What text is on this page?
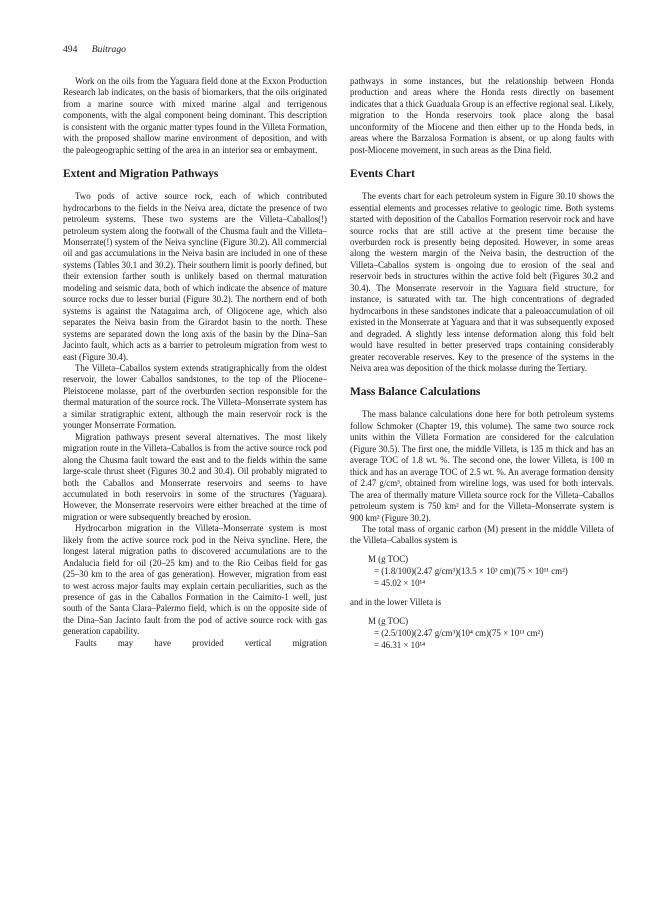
494 Buitrago

Work on the oils from the Yaguara field done at the Exxon Production Research lab indicates, on the basis of biomarkers, that the oils originated from a marine source with mixed marine algal and terrigenous components, with the algal component being dominant. This description is consistent with the organic matter types found in the Villeta Formation, with the proposed shallow marine environment of deposition, and with the paleogeographic setting of the area in an interior sea or embayment.

Extent and Migration Pathways

Two pods of active source rock, each of which contributed hydrocarbons to the fields in the Neiva area, dictate the presence of two petroleum systems. These two systems are the Villeta–Caballos(!) petroleum system along the footwall of the Chusma fault and the Villeta–Monserrate(!) system of the Neiva syncline (Figure 30.2). All commercial oil and gas accumulations in the Neiva basin are included in one of these systems (Tables 30.1 and 30.2). Their southern limit is poorly defined, but their extension farther south is unlikely based on thermal maturation modeling and seismic data, both of which indicate the absence of mature source rocks due to lesser burial (Figure 30.2). The northern end of both systems is against the Natagaima arch, of Oligocene age, which also separates the Neiva basin from the Girardot basin to the north. These systems are separated down the long axis of the basin by the Dina–San Jacinto fault, which acts as a barrier to petroleum migration from west to east (Figure 30.4).

The Villeta–Caballos system extends stratigraphically from the oldest reservoir, the lower Caballos sandstones, to the top of the Pliocene–Pleistocene molasse, part of the overburden section responsible for the thermal maturation of the source rock. The Villeta–Monserrate system has a similar stratigraphic extent, although the main reservoir rock is the younger Monserrate Formation.

Migration pathways present several alternatives. The most likely migration route in the Villeta–Caballos is from the active source rock pod along the Chusma fault toward the east and to the fields within the same large-scale thrust sheet (Figures 30.2 and 30.4). Oil probably migrated to both the Caballos and Monserrate reservoirs and seems to have accumulated in both reservoirs in some of the structures (Yaguara). However, the Monserrate reservoirs were either breached at the time of migration or were subsequently breached by erosion.

Hydrocarbon migration in the Villeta–Monserrate system is most likely from the active source rock pod in the Neiva syncline. Here, the longest lateral migration paths to discovered accumulations are to the Andalucia field for oil (20–25 km) and to the Rio Ceibas field for gas (25–30 km to the area of gas generation). However, migration from east to west across major faults may explain certain peculiarities, such as the presence of gas in the Caballos Formation in the Caimito-1 well, just south of the Santa Clara–Palermo field, which is on the opposite side of the Dina–San Jacinto fault from the pod of active source rock with gas generation capability.

Faults may have provided vertical migration

pathways in some instances, but the relationship between Honda production and areas where the Honda rests directly on basement indicates that a thick Guaduala Group is an effective regional seal. Likely, migration to the Honda reservoirs took place along the basal unconformity of the Miocene and then either up to the Honda beds, in areas where the Barzalosa Formation is absent, or up along faults with post-Miocene movement, in such areas as the Dina field.

Events Chart

The events chart for each petroleum system in Figure 30.10 shows the essential elements and processes relative to geologic time. Both systems started with deposition of the Caballos Formation reservoir rock and have source rocks that are still active at the present time because the overburden rock is presently being deposited. However, in some areas along the western margin of the Neiva basin, the destruction of the Villeta–Caballos system is ongoing due to erosion of the seal and reservoir beds in structures within the active fold belt (Figures 30.2 and 30.4). The Monserrate reservoir in the Yaguara field structure, for instance, is saturated with tar. The high concentrations of degraded hydrocarbons in these sandstones indicate that a paleoaccumulation of oil existed in the Monserrate at Yaguara and that it was subsequently exposed and degraded. A slightly less intense deformation along this fold belt would have resulted in better preserved traps containing considerably greater recoverable reserves. Key to the presence of the systems in the Neiva area was deposition of the thick molasse during the Tertiary.

Mass Balance Calculations

The mass balance calculations done here for both petroleum systems follow Schmoker (Chapter 19, this volume). The same two source rock units within the Villeta Formation are considered for the calculation (Figure 30.5). The first one, the middle Villeta, is 135 m thick and has an average TOC of 1.8 wt. %. The second one, the lower Villeta, is 100 m thick and has an average TOC of 2.5 wt. %. An average formation density of 2.47 g/cm³, obtained from wireline logs, was used for both intervals. The area of thermally mature Villeta source rock for the Villeta–Caballos petroleum system is 750 km² and for the Villeta–Monserrate system is 900 km² (Figure 30.2).

The total mass of organic carbon (M) present in the middle Villeta of the Villeta–Caballos system is

M (g TOC)
= (1.8/100)(2.47 g/cm³)(13.5 × 10³ cm)(75 × 10¹¹ cm²)
= 45.02 × 10¹⁴

and in the lower Villeta is

M (g TOC)
= (2.5/100)(2.47 g/cm³)(10⁴ cm)(75 × 10¹¹ cm²)
= 46.31 × 10¹⁴
